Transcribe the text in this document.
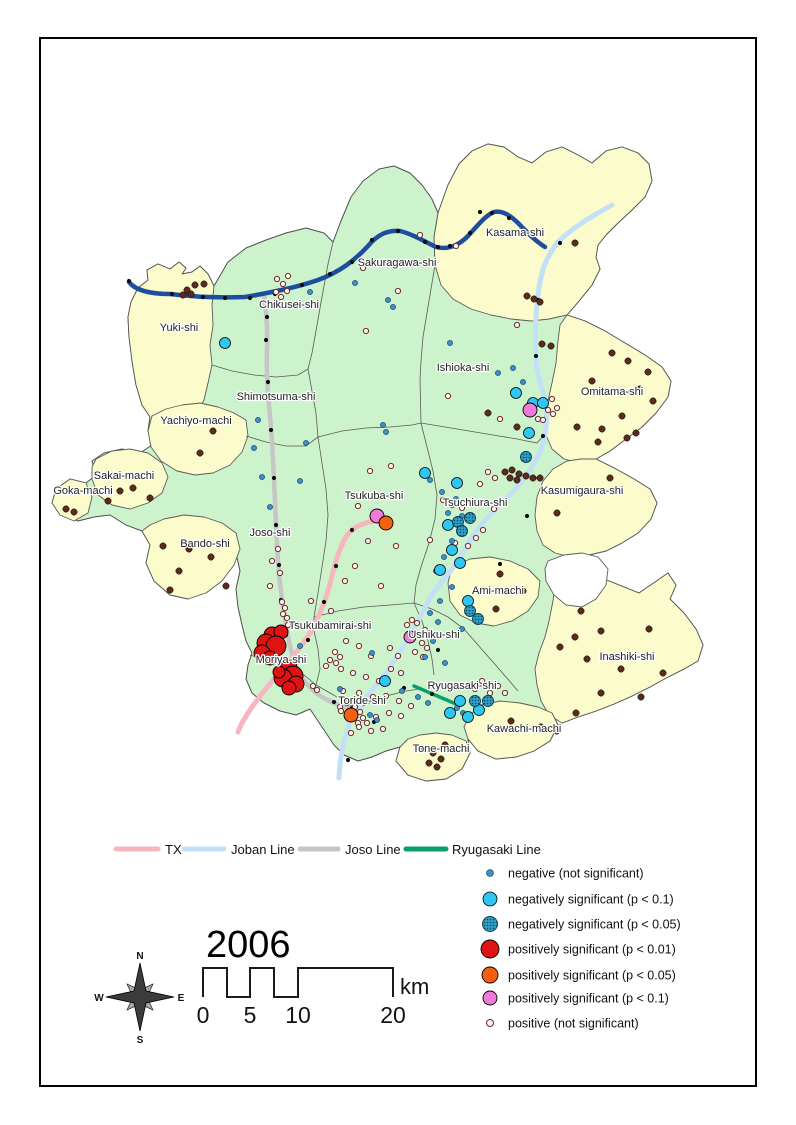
Kasama-shi
Sakuragawa-shi
Chikusei-shi
Yuki-shi
Ishioka-shi
Omitama-shi
Shimotsuma-shi
Yachiyo-machi
Sakai-machi
Goka-machi	Tsukuba-shi
Tsuchiura-shi
Kasumigaura-shi
Joso-shi
Bando-shi
Ami-machi
Tsukubamirai-shi
Ushiku-shi
Moriya-shi	Inashiki-shi
Ryugasaki-shi
Toride-shi
Kawachi-machi
Tone-machi
TX	Joban Line	Joso Line	Ryugasaki Line
negative (not significant)
negatively significant (p < 0.1)
negatively significant (p < 0.05)
positively significant (p < 0.01)
positively significant (p < 0.05)
positively significant (p < 0.1)
positive (not significant)
2006
N
S
W	E
0 5 10	20
km
